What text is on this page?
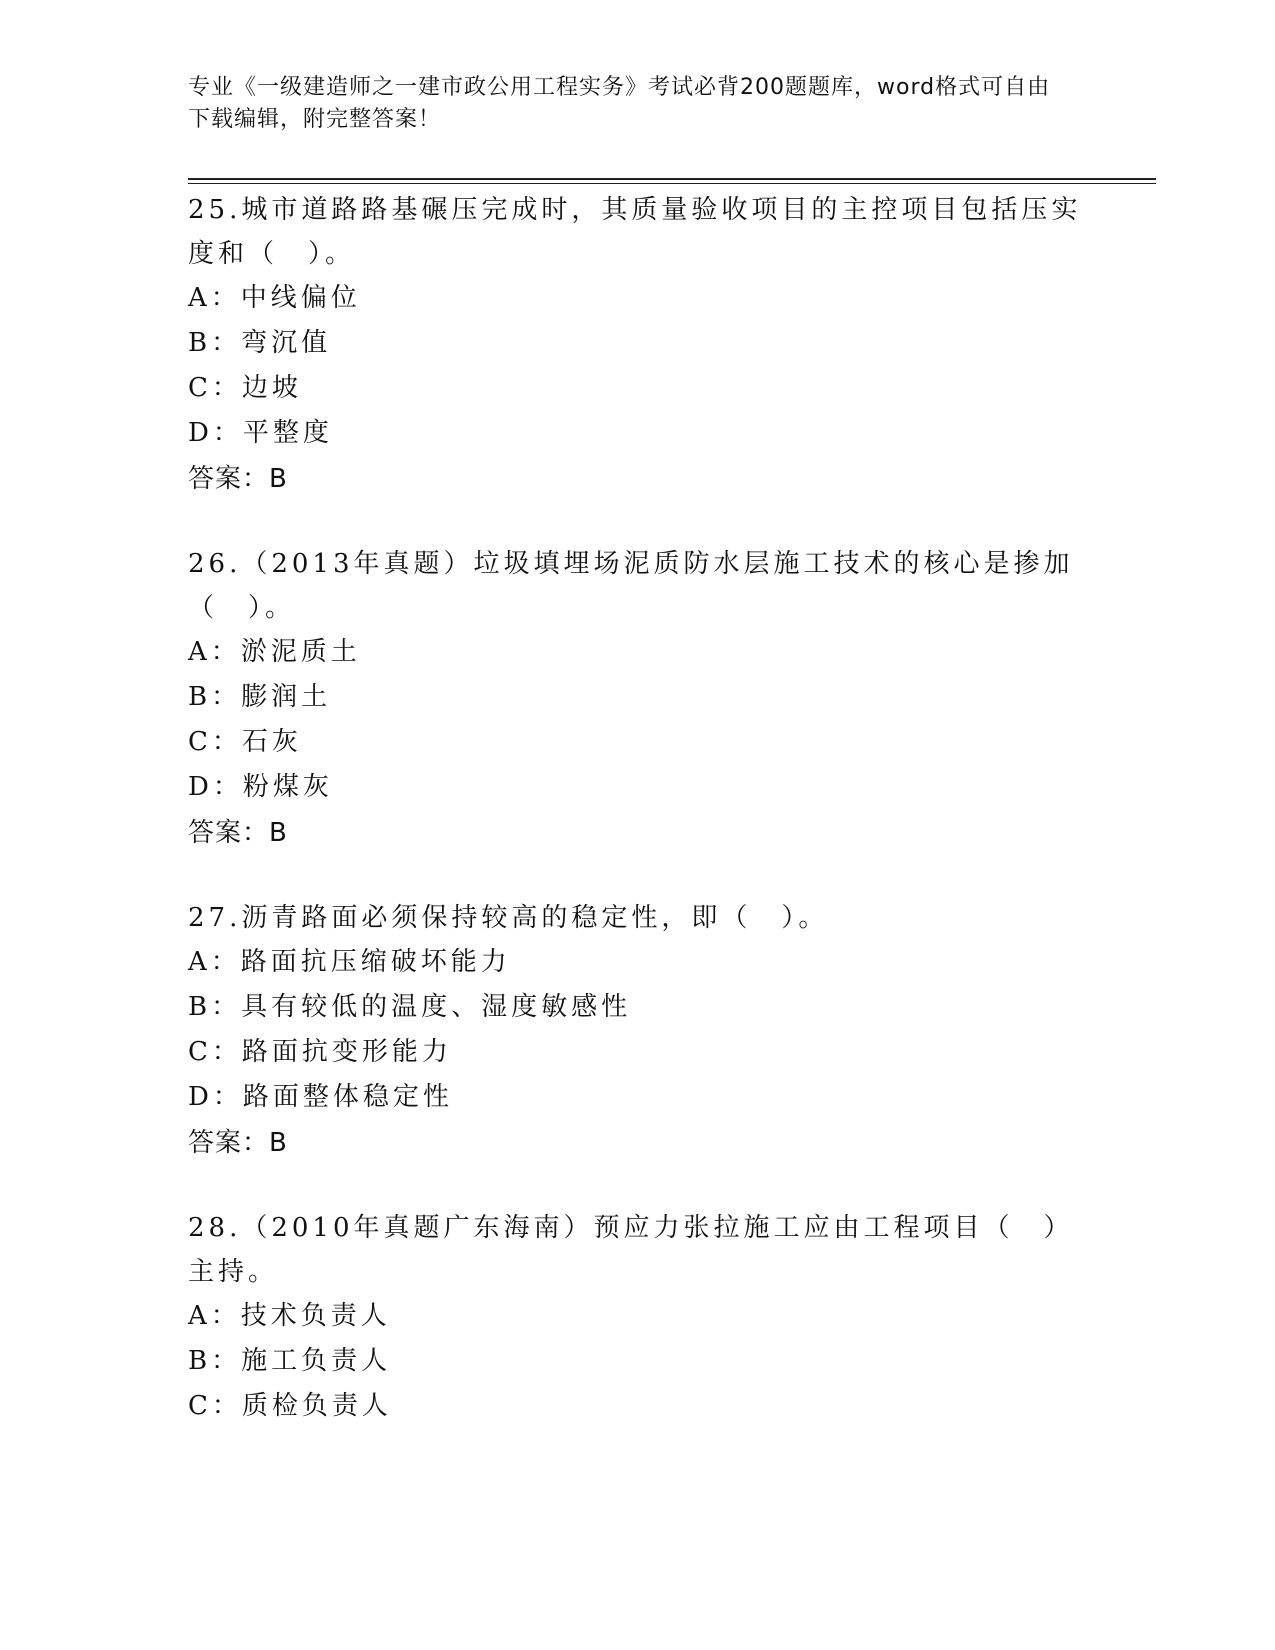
专业《一级建造师之一建市政公用工程实务》考试必背200题题库，word格式可自由下载编辑，附完整答案！

25.城市道路路基碾压完成时，其质量验收项目的主控项目包括压实度和（　）。

A：中线偏位

B：弯沉值

C：边坡

D：平整度

答案：B

26.（2013年真题）垃圾填埋场泥质防水层施工技术的核心是掺加（　）。

A：淤泥质土

B：膨润土

C：石灰

D：粉煤灰

答案：B

27.沥青路面必须保持较高的稳定性，即（　）。

A：路面抗压缩破坏能力

B：具有较低的温度、湿度敏感性

C：路面抗变形能力

D：路面整体稳定性

答案：B

28.（2010年真题广东海南）预应力张拉施工应由工程项目（　）主持。

A：技术负责人

B：施工负责人

C：质检负责人
